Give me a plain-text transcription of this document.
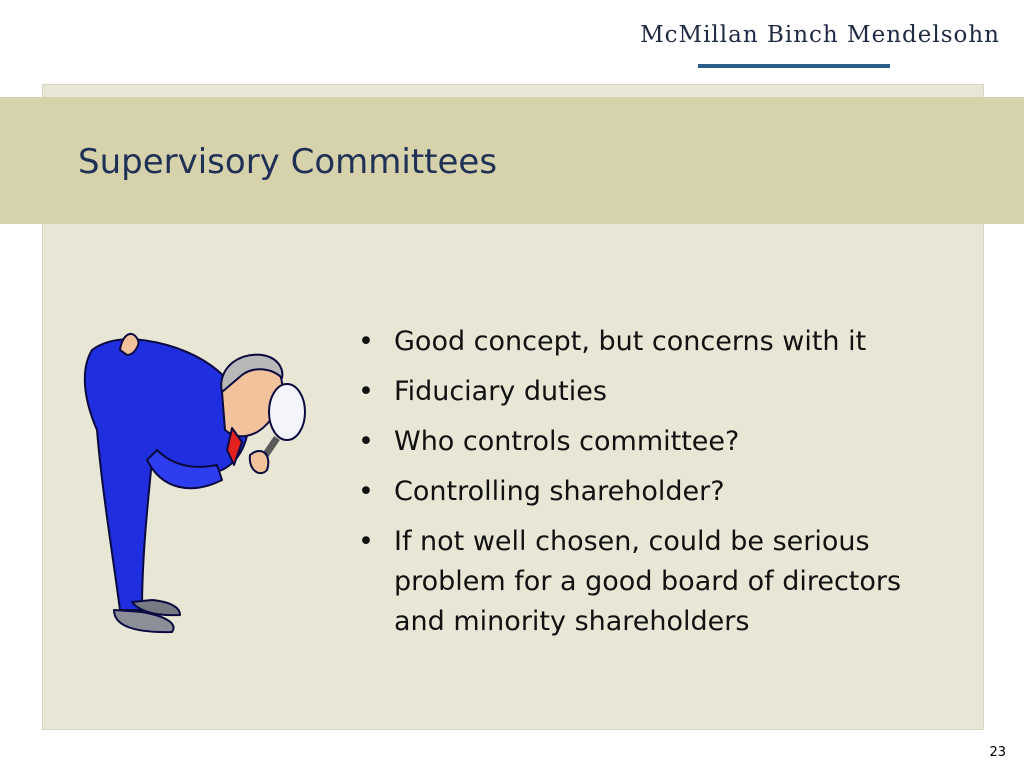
McMillan Binch Mendelsohn
Supervisory Committees
• Good concept, but concerns with it
• Fiduciary duties
• Who controls committee?
• Controlling shareholder?
• If not well chosen, could be serious problem for a good board of directors and minority shareholders
23
